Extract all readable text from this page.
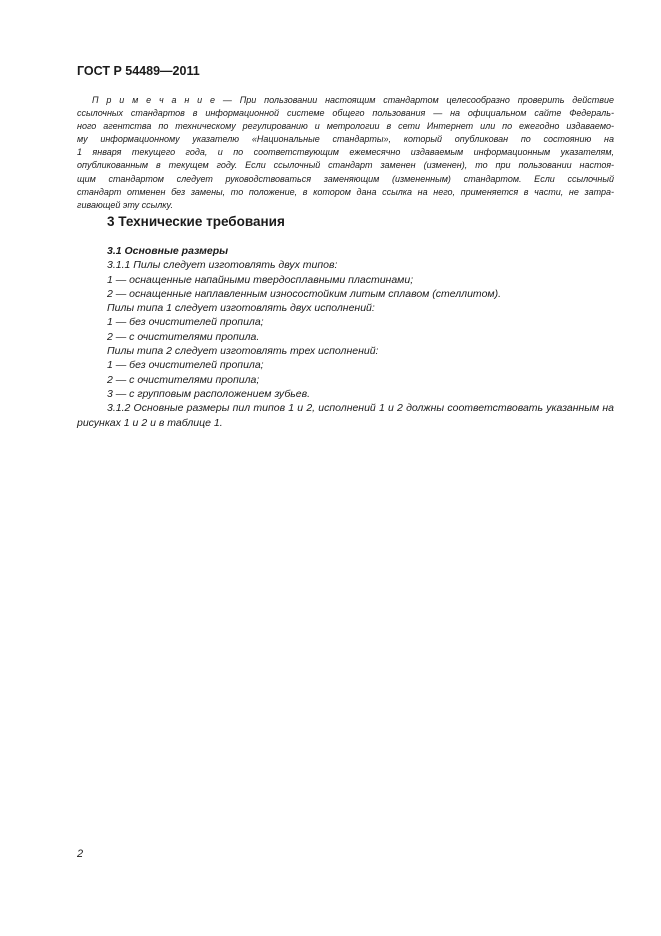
ГОСТ Р 54489—2011
П р и м е ч а н и е — При пользовании настоящим стандартом целесообразно проверить действие
ссылочных стандартов в информационной системе общего пользования — на официальном сайте Федераль-
ного агентства по техническому регулированию и метрологии в сети Интернет или по ежегодно издаваемо-
му информационному указателю «Национальные стандарты», который опубликован по состоянию на
1 января текущего года, и по соответствующим ежемесячно издаваемым информационным указателям,
опубликованным в текущем году. Если ссылочный стандарт заменен (изменен), то при пользовании настоя-
щим стандартом следует руководствоваться заменяющим (измененным) стандартом. Если ссылочный
стандарт отменен без замены, то положение, в котором дана ссылка на него, применяется в части, не затра-
гивающей эту ссылку.
3 Технические требования
3.1 Основные размеры
3.1.1 Пилы следует изготовлять двух типов:
1 — оснащенные напайными твердосплавными пластинами;
2 — оснащенные наплавленным износостойким литым сплавом (стеллитом).
Пилы типа 1 следует изготовлять двух исполнений:
1 — без очистителей пропила;
2 — с очистителями пропила.
Пилы типа 2 следует изготовлять трех исполнений:
1 — без очистителей пропила;
2 — с очистителями пропила;
3 — с групповым расположением зубьев.
3.1.2 Основные размеры пил типов 1 и 2, исполнений 1 и 2 должны соответствовать указанным на рисунках 1 и 2 и в таблице 1.
2
